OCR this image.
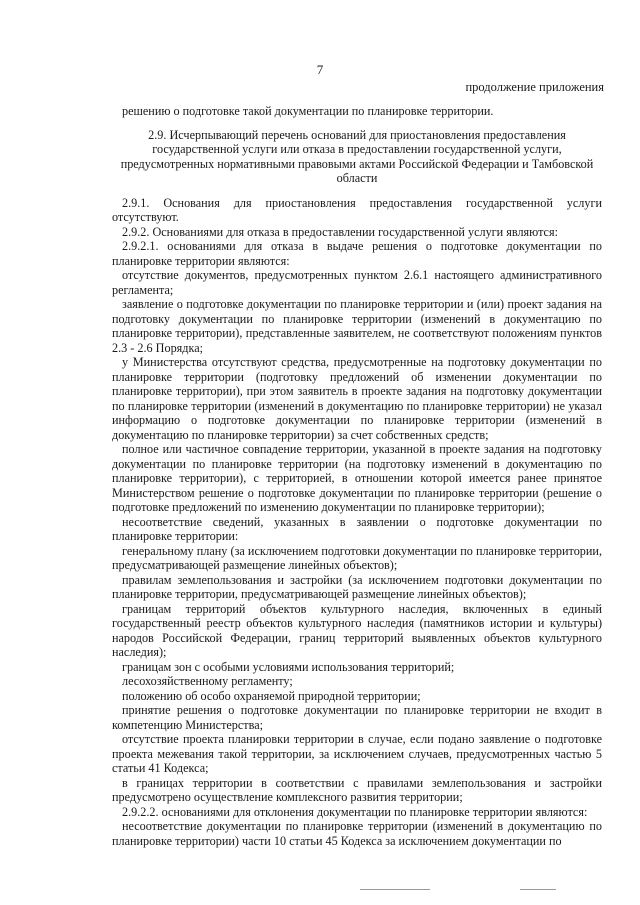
7
продолжение приложения

решению о подготовке такой документации по планировке территории.

2.9. Исчерпывающий перечень оснований для приостановления предоставления государственной услуги или отказа в предоставлении государственной услуги, предусмотренных нормативными правовыми актами Российской Федерации и Тамбовской области

2.9.1. Основания для приостановления предоставления государственной услуги отсутствуют.

2.9.2. Основаниями для отказа в предоставлении государственной услуги являются:

2.9.2.1. основаниями для отказа в выдаче решения о подготовке документации по планировке территории являются:

отсутствие документов, предусмотренных пунктом 2.6.1 настоящего административного регламента;

заявление о подготовке документации по планировке территории и (или) проект задания на подготовку документации по планировке территории (изменений в документацию по планировке территории), представленные заявителем, не соответствуют положениям пунктов 2.3 - 2.6 Порядка;

у Министерства отсутствуют средства, предусмотренные на подготовку документации по планировке территории (подготовку предложений об изменении документации по планировке территории), при этом заявитель в проекте задания на подготовку документации по планировке территории (изменений в документацию по планировке территории) не указал информацию о подготовке документации по планировке территории (изменений в документацию по планировке территории) за счет собственных средств;

полное или частичное совпадение территории, указанной в проекте задания на подготовку документации по планировке территории (на подготовку изменений в документацию по планировке территории), с территорией, в отношении которой имеется ранее принятое Министерством решение о подготовке документации по планировке территории (решение о подготовке предложений по изменению документации по планировке территории);

несоответствие сведений, указанных в заявлении о подготовке документации по планировке территории:

генеральному плану (за исключением подготовки документации по планировке территории, предусматривающей размещение линейных объектов);

правилам землепользования и застройки (за исключением подготовки документации по планировке территории, предусматривающей размещение линейных объектов);

границам территорий объектов культурного наследия, включенных в единый государственный реестр объектов культурного наследия (памятников истории и культуры) народов Российской Федерации, границ территорий выявленных объектов культурного наследия);

границам зон с особыми условиями использования территорий;

лесохозяйственному регламенту;

положению об особо охраняемой природной территории;

принятие решения о подготовке документации по планировке территории не входит в компетенцию Министерства;

отсутствие проекта планировки территории в случае, если подано заявление о подготовке проекта межевания такой территории, за исключением случаев, предусмотренных частью 5 статьи 41 Кодекса;

в границах территории в соответствии с правилами землепользования и застройки предусмотрено осуществление комплексного развития территории;

2.9.2.2. основаниями для отклонения документации по планировке территории являются:

несоответствие документации по планировке территории (изменений в документацию по планировке территории) части 10 статьи 45 Кодекса за исключением документации по
